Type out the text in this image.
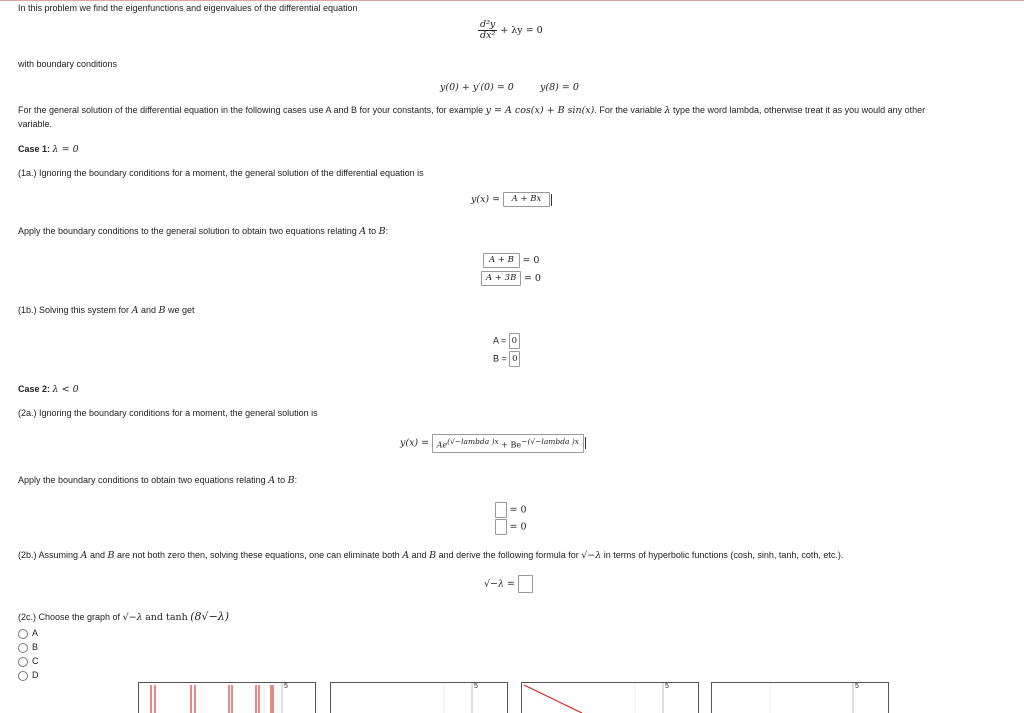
In this problem we find the eigenfunctions and eigenvalues of the differential equation
$\frac{\text{d²y}}{\text{dx²}} + \lambda y = 0$
with boundary conditions
y(0) + y′(0) = 0	y(8) = 0
For the general solution of the differential equation in the following cases use A and B for your constants, for example y = A cos(x) + B sin(x). For the variable λ type the word lambda, otherwise treat it as you would any other
variable.
Case 1: λ = 0
(1a.) Ignoring the boundary conditions for a moment, the general solution of the differential equation is
y(x) = A + Bx
Apply the boundary conditions to the general solution to obtain two equations relating A to B:
A + B = 0
A + 3B = 0
(1b.) Solving this system for A and B we get
A = 0
B = 0
Case 2: λ < 0
(2a.) Ignoring the boundary conditions for a moment, the general solution is
$y(x) = Ae^{(√-lambda )x} + Be^{-(√-lambda )x}$
Apply the boundary conditions to obtain two equations relating A to B:
= 0
= 0
(2b.) Assuming A and B are not both zero then, solving these equations, one can eliminate both A and B and derive the following formula for √−λ in terms of hyperbolic functions (cosh, sinh, tanh, coth, etc.).
√−λ =
(2c.) Choose the graph of √−λ and tanh (8√−λ)
A
B
C
D
5	5	5	5
